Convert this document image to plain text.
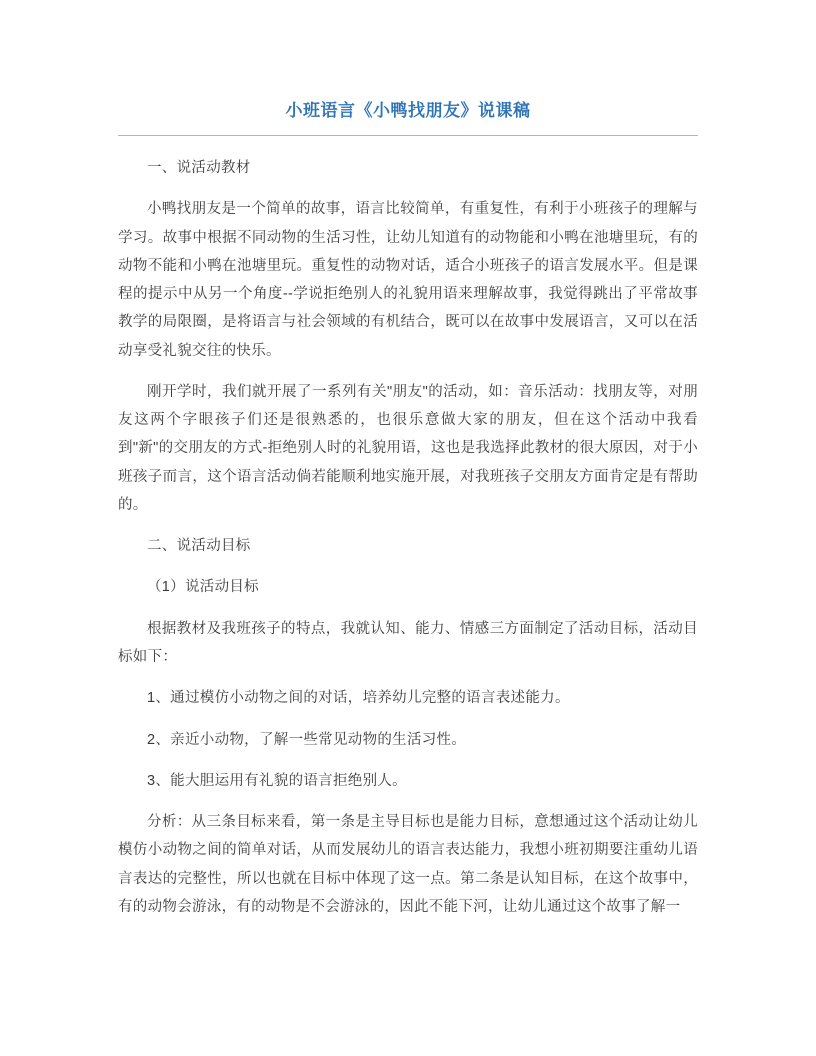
小班语言《小鸭找朋友》说课稿

一、说活动教材

小鸭找朋友是一个简单的故事，语言比较简单，有重复性，有利于小班孩子的理解与学习。故事中根据不同动物的生活习性，让幼儿知道有的动物能和小鸭在池塘里玩，有的动物不能和小鸭在池塘里玩。重复性的动物对话，适合小班孩子的语言发展水平。但是课程的提示中从另一个角度--学说拒绝别人的礼貌用语来理解故事，我觉得跳出了平常故事教学的局限圈，是将语言与社会领域的有机结合，既可以在故事中发展语言，又可以在活动享受礼貌交往的快乐。

刚开学时，我们就开展了一系列有关"朋友"的活动，如：音乐活动：找朋友等，对朋友这两个字眼孩子们还是很熟悉的，也很乐意做大家的朋友，但在这个活动中我看到"新"的交朋友的方式-拒绝别人时的礼貌用语，这也是我选择此教材的很大原因，对于小班孩子而言，这个语言活动倘若能顺利地实施开展，对我班孩子交朋友方面肯定是有帮助的。

二、说活动目标

（1）说活动目标

根据教材及我班孩子的特点，我就认知、能力、情感三方面制定了活动目标，活动目标如下：

1、通过模仿小动物之间的对话，培养幼儿完整的语言表述能力。

2、亲近小动物，了解一些常见动物的生活习性。

3、能大胆运用有礼貌的语言拒绝别人。

分析：从三条目标来看，第一条是主导目标也是能力目标，意想通过这个活动让幼儿模仿小动物之间的简单对话，从而发展幼儿的语言表达能力，我想小班初期要注重幼儿语言表达的完整性，所以也就在目标中体现了这一点。第二条是认知目标，在这个故事中，有的动物会游泳，有的动物是不会游泳的，因此不能下河，让幼儿通过这个故事了解一
